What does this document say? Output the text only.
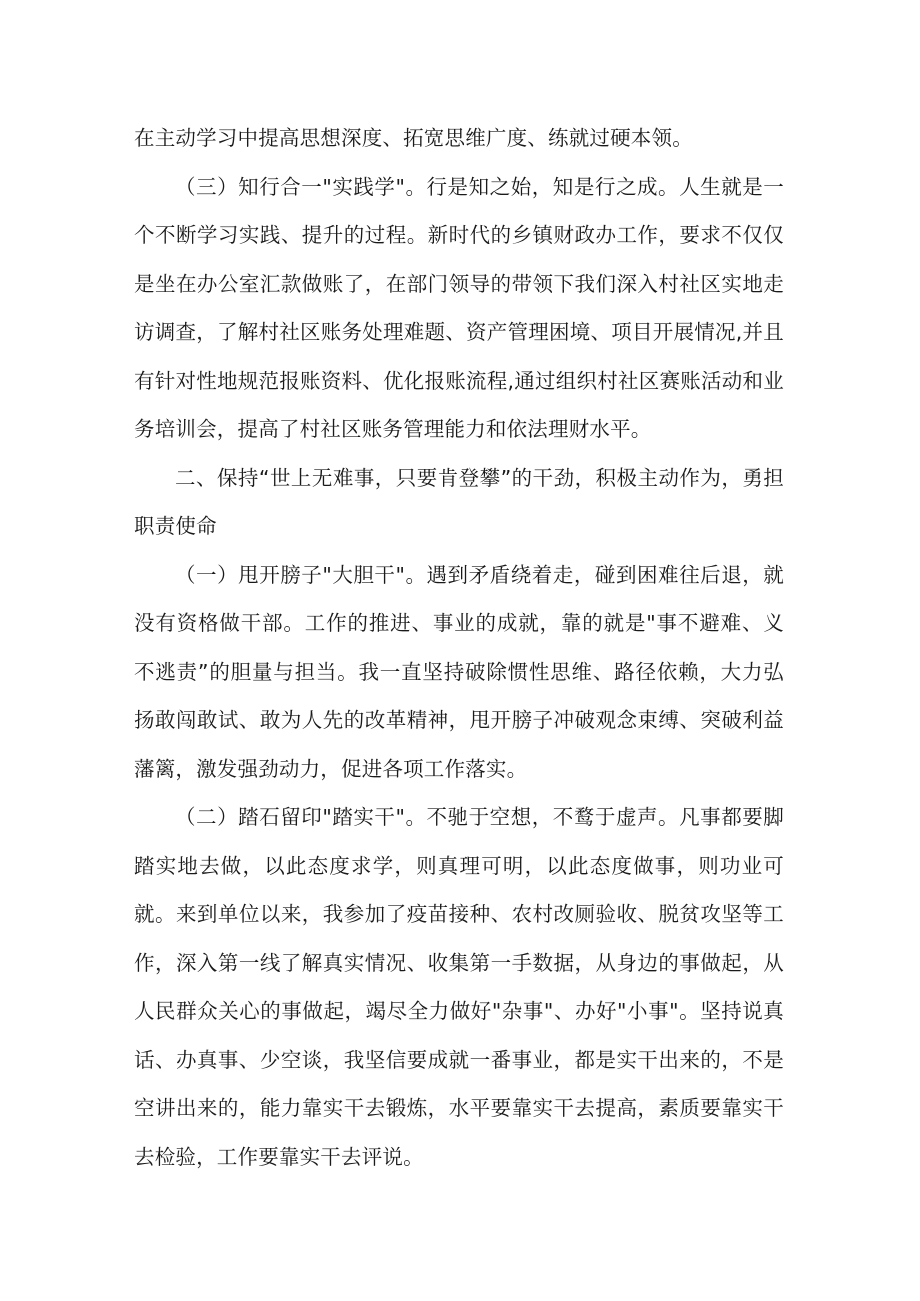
在主动学习中提高思想深度、拓宽思维广度、练就过硬本领。

（三）知行合一"实践学"。行是知之始，知是行之成。人生就是一个不断学习实践、提升的过程。新时代的乡镇财政办工作，要求不仅仅是坐在办公室汇款做账了，在部门领导的带领下我们深入村社区实地走访调查，了解村社区账务处理难题、资产管理困境、项目开展情况,并且有针对性地规范报账资料、优化报账流程,通过组织村社区赛账活动和业务培训会，提高了村社区账务管理能力和依法理财水平。

二、保持“世上无难事，只要肯登攀”的干劲，积极主动作为，勇担职责使命

（一）甩开膀子"大胆干"。遇到矛盾绕着走，碰到困难往后退，就没有资格做干部。工作的推进、事业的成就，靠的就是"事不避难、义不逃责”的胆量与担当。我一直坚持破除惯性思维、路径依赖，大力弘扬敢闯敢试、敢为人先的改革精神，甩开膀子冲破观念束缚、突破利益藩篱，激发强劲动力，促进各项工作落实。

（二）踏石留印"踏实干"。不驰于空想，不鹜于虚声。凡事都要脚踏实地去做，以此态度求学，则真理可明，以此态度做事，则功业可就。来到单位以来，我参加了疫苗接种、农村改厕验收、脱贫攻坚等工作，深入第一线了解真实情况、收集第一手数据，从身边的事做起，从人民群众关心的事做起，竭尽全力做好"杂事"、办好"小事"。坚持说真话、办真事、少空谈，我坚信要成就一番事业，都是实干出来的，不是空讲出来的，能力靠实干去锻炼，水平要靠实干去提高，素质要靠实干去检验，工作要靠实干去评说。
